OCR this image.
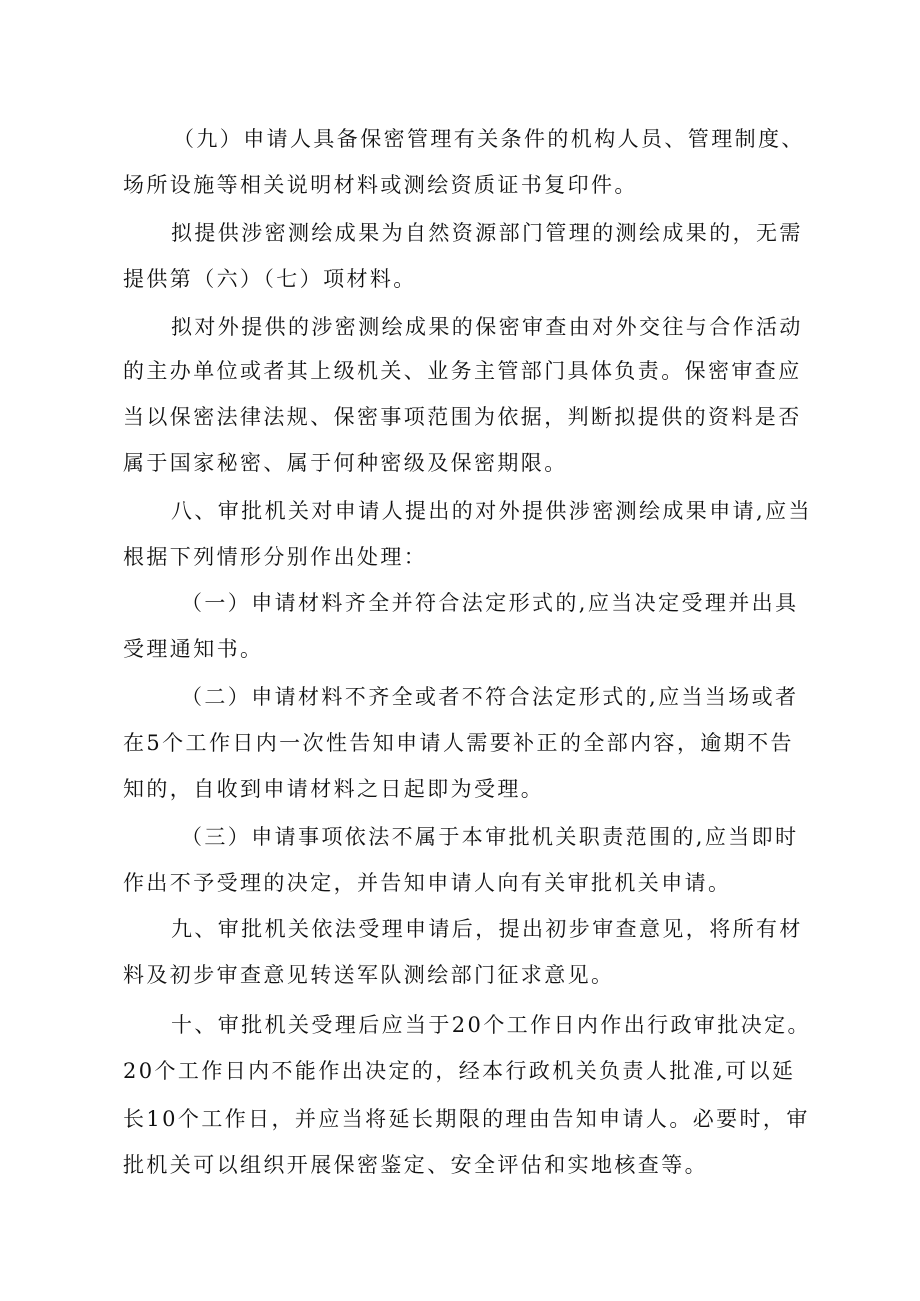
（九）申请人具备保密管理有关条件的机构人员、管理制度、
场所设施等相关说明材料或测绘资质证书复印件。
拟提供涉密测绘成果为自然资源部门管理的测绘成果的，无需
提供第（六）（七）项材料。
拟对外提供的涉密测绘成果的保密审查由对外交往与合作活动
的主办单位或者其上级机关、业务主管部门具体负责。保密审查应
当以保密法律法规、保密事项范围为依据，判断拟提供的资料是否
属于国家秘密、属于何种密级及保密期限。
八、审批机关对申请人提出的对外提供涉密测绘成果申请,应当
根据下列情形分别作出处理：
（一）申请材料齐全并符合法定形式的,应当决定受理并出具
受理通知书。
（二）申请材料不齐全或者不符合法定形式的,应当当场或者
在5个工作日内一次性告知申请人需要补正的全部内容，逾期不告
知的，自收到申请材料之日起即为受理。
（三）申请事项依法不属于本审批机关职责范围的,应当即时
作出不予受理的决定，并告知申请人向有关审批机关申请。
九、审批机关依法受理申请后，提出初步审查意见，将所有材
料及初步审查意见转送军队测绘部门征求意见。
十、审批机关受理后应当于20个工作日内作出行政审批决定。
20个工作日内不能作出决定的，经本行政机关负责人批准,可以延
长10个工作日，并应当将延长期限的理由告知申请人。必要时，审
批机关可以组织开展保密鉴定、安全评估和实地核查等。
